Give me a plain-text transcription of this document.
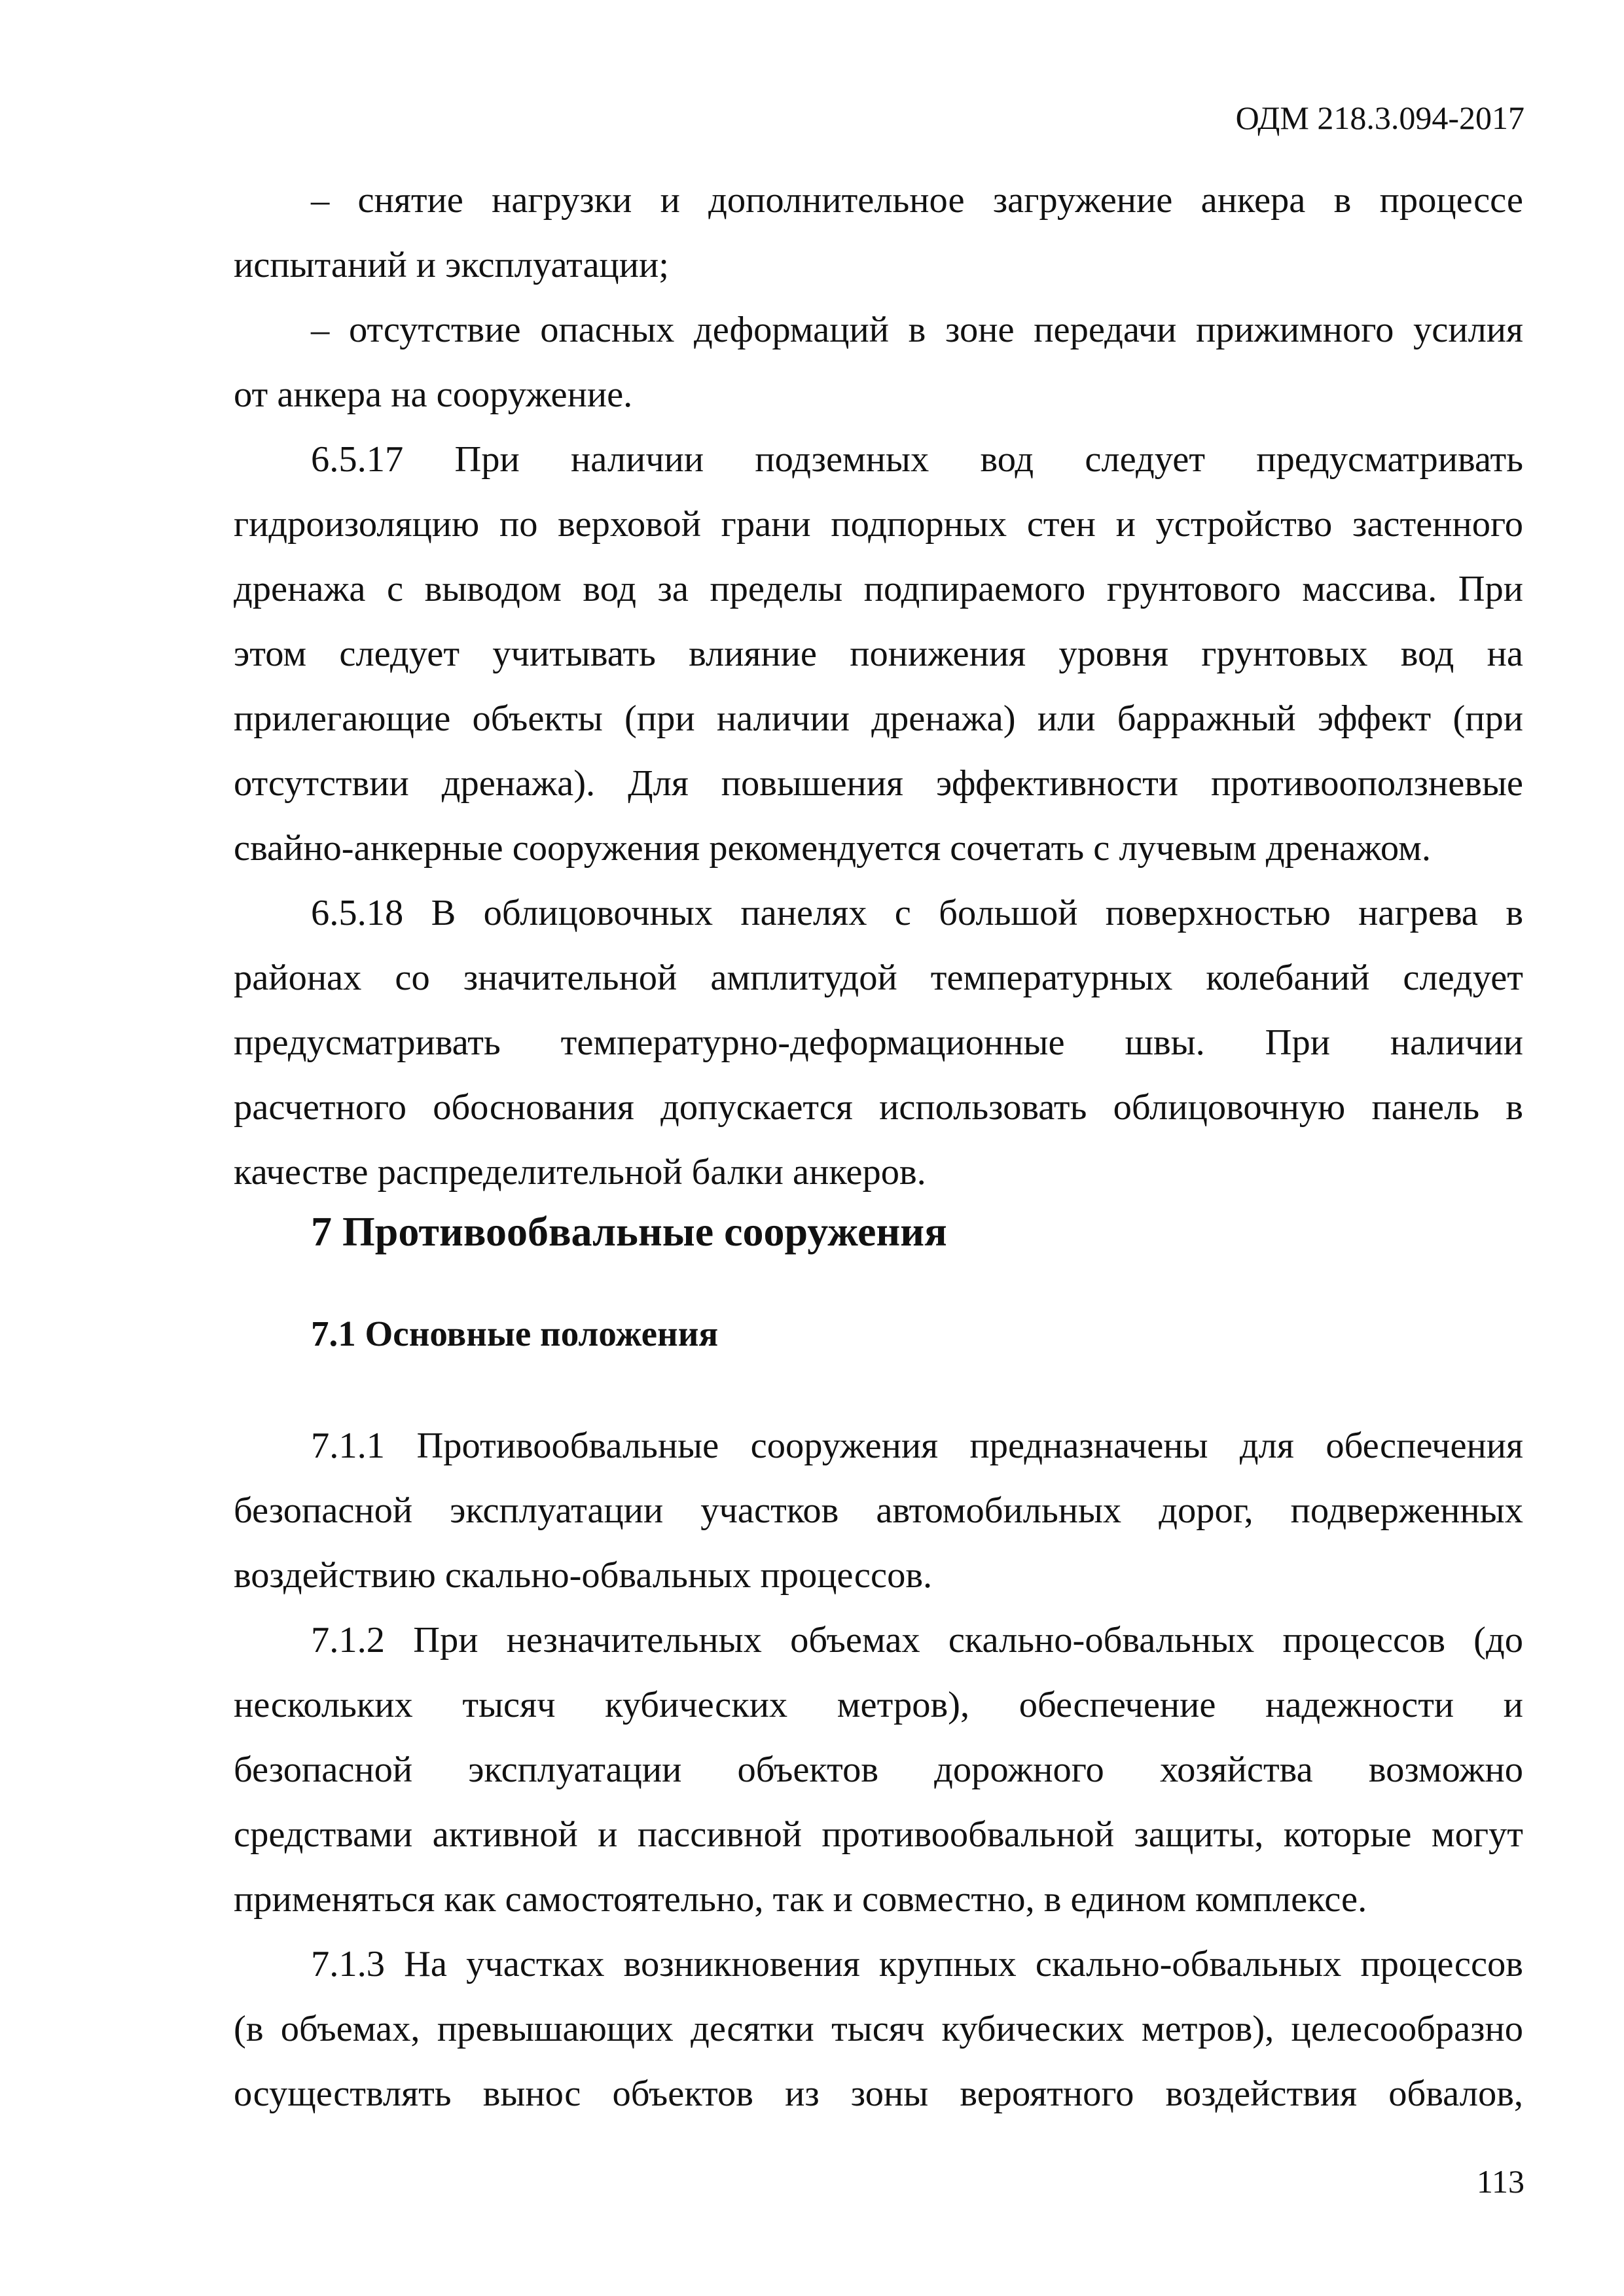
ОДМ 218.3.094-2017
– снятие нагрузки и дополнительное загружение анкера в процессе
испытаний и эксплуатации;
– отсутствие опасных деформаций в зоне передачи прижимного усилия
от анкера на сооружение.
6.5.17 При наличии подземных вод следует предусматривать
гидроизоляцию по верховой грани подпорных стен и устройство застенного
дренажа с выводом вод за пределы подпираемого грунтового массива. При
этом следует учитывать влияние понижения уровня грунтовых вод на
прилегающие объекты (при наличии дренажа) или барражный эффект (при
отсутствии дренажа). Для повышения эффективности противооползневые
свайно-анкерные сооружения рекомендуется сочетать с лучевым дренажом.
6.5.18 В облицовочных панелях с большой поверхностью нагрева в
районах со значительной амплитудой температурных колебаний следует
предусматривать температурно-деформационные швы. При наличии
расчетного обоснования допускается использовать облицовочную панель в
качестве распределительной балки анкеров.
7 Противообвальные сооружения
7.1 Основные положения
7.1.1 Противообвальные сооружения предназначены для обеспечения
безопасной эксплуатации участков автомобильных дорог, подверженных
воздействию скально-обвальных процессов.
7.1.2 При незначительных объемах скально-обвальных процессов (до
нескольких тысяч кубических метров), обеспечение надежности и
безопасной эксплуатации объектов дорожного хозяйства возможно
средствами активной и пассивной противообвальной защиты, которые могут
применяться как самостоятельно, так и совместно, в едином комплексе.
7.1.3 На участках возникновения крупных скально-обвальных процессов
(в объемах, превышающих десятки тысяч кубических метров), целесообразно
осуществлять вынос объектов из зоны вероятного воздействия обвалов,
113
